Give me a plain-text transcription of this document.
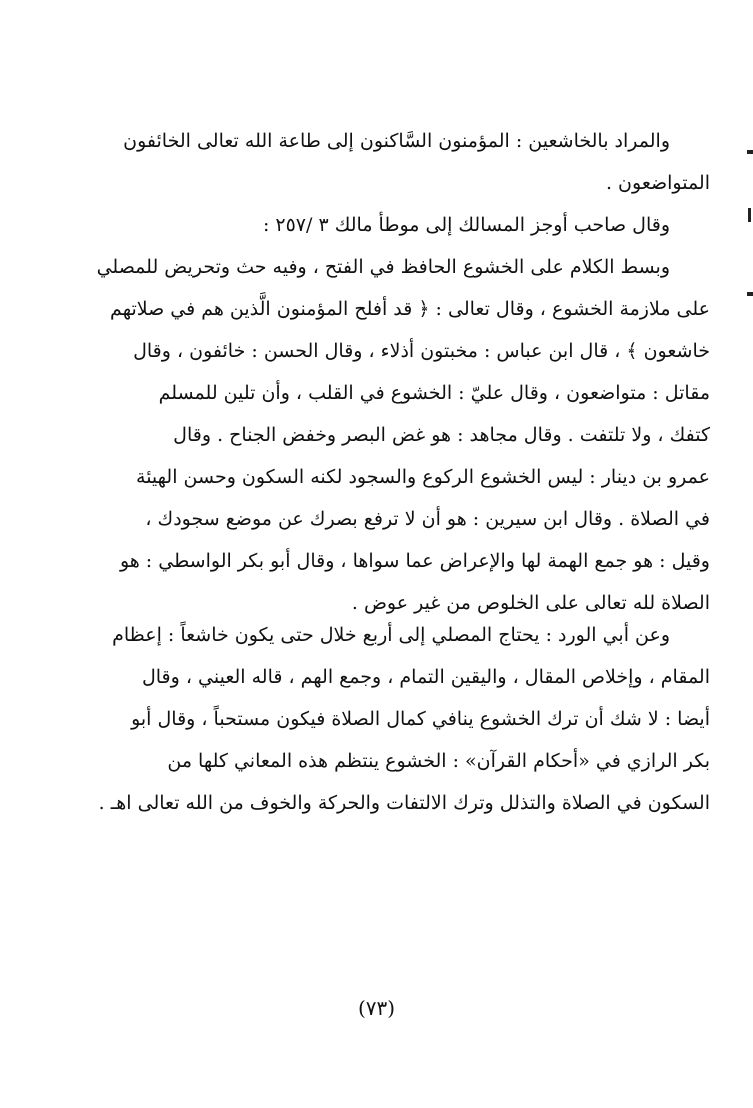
والمراد بالخاشعين : المؤمنون السَّاكنون إلى طاعة الله تعالى الخائفون
المتواضعون .

وقال صاحب أوجز المسالك إلى موطأ مالك ٣ /٢٥٧ :

وبسط الكلام على الخشوع الحافظ في الفتح ، وفيه حث وتحريض للمصلي
على ملازمة الخشوع ، وقال تعالى : ﴿ قد أفلح المؤمنون الَّذين هم في صلاتهم
خاشعون ﴾ ، قال ابن عباس : مخبتون أذلاء ، وقال الحسن : خائفون ، وقال
مقاتل : متواضعون ، وقال عليّ : الخشوع في القلب ، وأن تلين للمسلم
كتفك ، ولا تلتفت . وقال مجاهد : هو غض البصر وخفض الجناح . وقال
عمرو بن دينار : ليس الخشوع الركوع والسجود لكنه السكون وحسن الهيئة
في الصلاة . وقال ابن سيرين : هو أن لا ترفع بصرك عن موضع سجودك ،
وقيل : هو جمع الهمة لها والإعراض عما سواها ، وقال أبو بكر الواسطي : هو
الصلاة لله تعالى على الخلوص من غير عوض .

وعن أبي الورد : يحتاج المصلي إلى أربع خلال حتى يكون خاشعاً : إعظام
المقام ، وإخلاص المقال ، واليقين التمام ، وجمع الهم ، قاله العيني ، وقال
أيضا : لا شك أن ترك الخشوع ينافي كمال الصلاة فيكون مستحباً ، وقال أبو
بكر الرازي في «أحكام القرآن» : الخشوع ينتظم هذه المعاني كلها من
السكون في الصلاة والتذلل وترك الالتفات والحركة والخوف من الله تعالى اهـ .

(٧٣)
